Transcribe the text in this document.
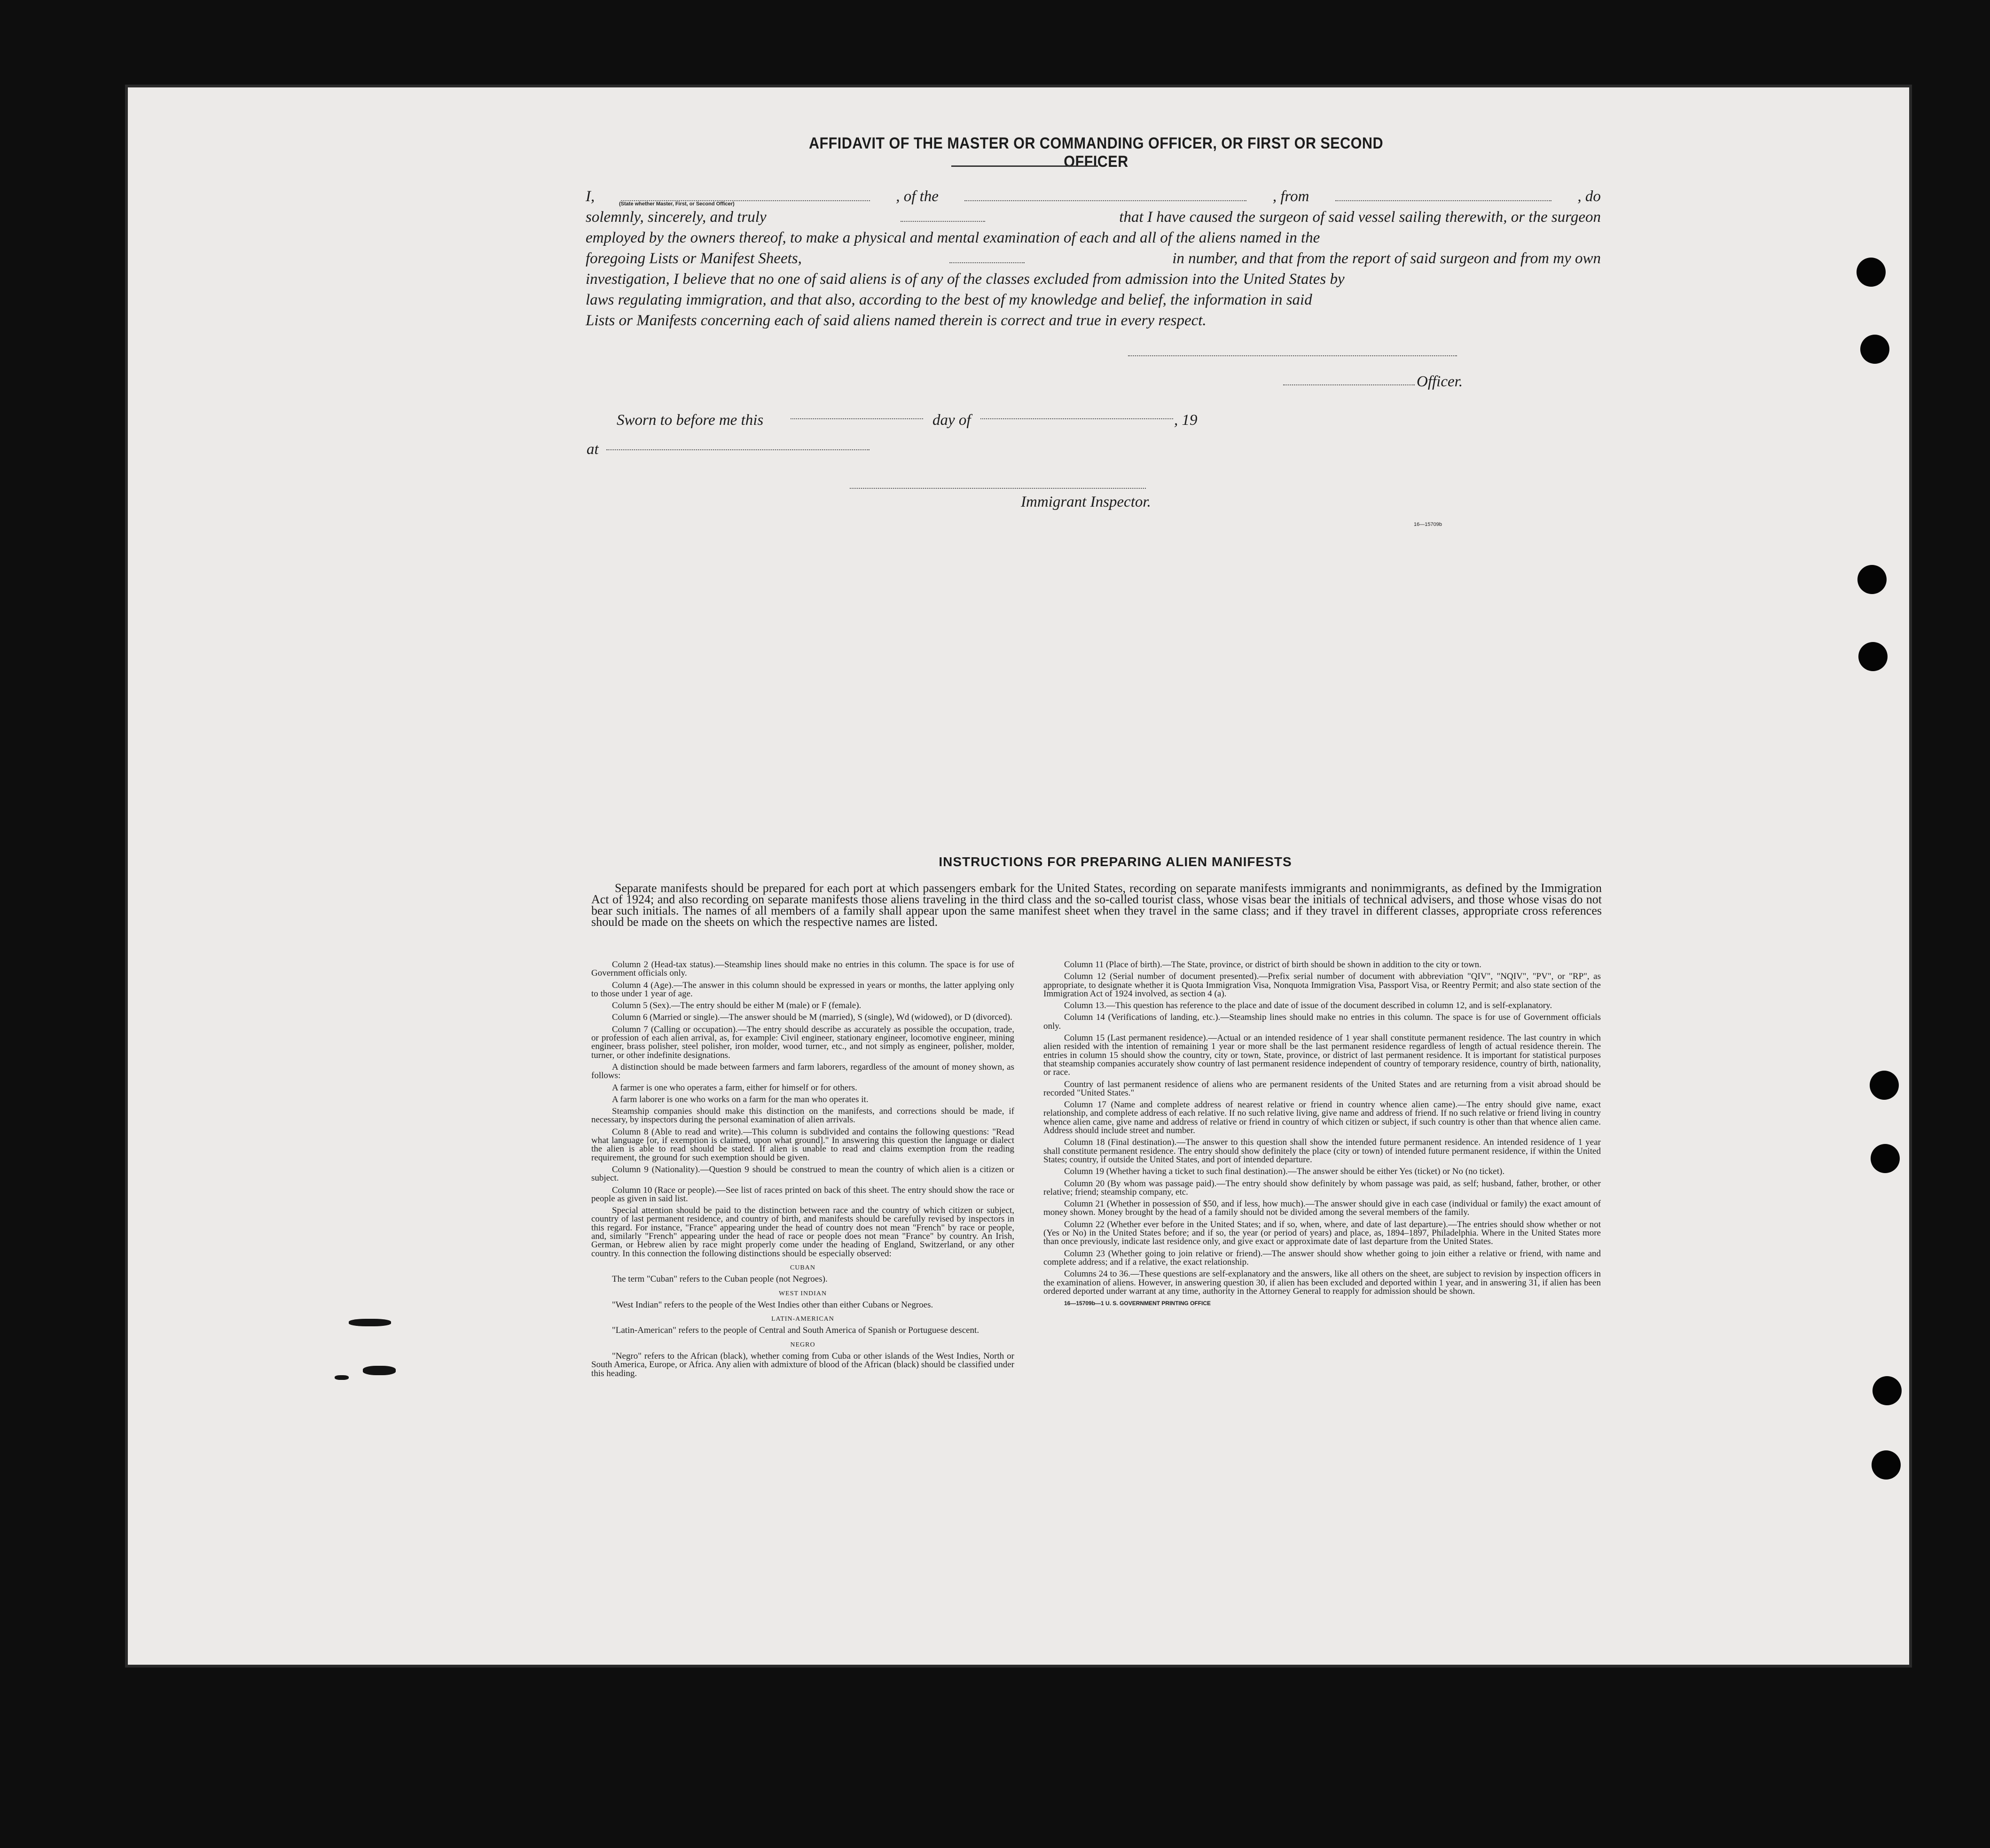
AFFIDAVIT OF THE MASTER OR COMMANDING OFFICER, OR FIRST OR SECOND OFFICER
I,	, of the	, from	, do
solemnly, sincerely, and truly	that I have caused the surgeon of said vessel sailing therewith, or the surgeon
employed by the owners thereof, to make a physical and mental examination of each and all of the aliens named in the
foregoing Lists or Manifest Sheets,	in number, and that from the report of said surgeon and from my own
investigation, I believe that no one of said aliens is of any of the classes excluded from admission into the United States by
laws regulating immigration, and that also, according to the best of my knowledge and belief, the information in said
Lists or Manifests concerning each of said aliens named therein is correct and true in every respect.
(State whether Master, First, or Second Officer)
Officer.
Sworn to before me this	day of	, 19
at
Immigrant Inspector.
16—15709b
INSTRUCTIONS FOR PREPARING ALIEN MANIFESTS
Separate manifests should be prepared for each port at which passengers embark for the United States, recording on separate manifests immigrants and nonimmigrants, as defined by the Immigration Act of 1924; and also recording on separate manifests those aliens traveling in the third class and the so-called tourist class, whose visas bear the initials of technical advisers, and those whose visas do not bear such initials. The names of all members of a family shall appear upon the same manifest sheet when they travel in the same class; and if they travel in different classes, appropriate cross references should be made on the sheets on which the respective names are listed.

Column 2 (Head-tax status).—Steamship lines should make no entries in this column. The space is for use of Government officials only.

Column 4 (Age).—The answer in this column should be expressed in years or months, the latter applying only to those under 1 year of age.

Column 5 (Sex).—The entry should be either M (male) or F (female).

Column 6 (Married or single).—The answer should be M (married), S (single), Wd (widowed), or D (divorced).

Column 7 (Calling or occupation).—The entry should describe as accurately as possible the occupation, trade, or profession of each alien arrival, as, for example: Civil engineer, stationary engineer, locomotive engineer, mining engineer, brass polisher, steel polisher, iron molder, wood turner, etc., and not simply as engineer, polisher, molder, turner, or other indefinite designations.

A distinction should be made between farmers and farm laborers, regardless of the amount of money shown, as follows:

A farmer is one who operates a farm, either for himself or for others.

A farm laborer is one who works on a farm for the man who operates it.

Steamship companies should make this distinction on the manifests, and corrections should be made, if necessary, by inspectors during the personal examination of alien arrivals.

Column 8 (Able to read and write).—This column is subdivided and contains the following questions: "Read what language [or, if exemption is claimed, upon what ground]." In answering this question the language or dialect the alien is able to read should be stated. If alien is unable to read and claims exemption from the reading requirement, the ground for such exemption should be given.

Column 9 (Nationality).—Question 9 should be construed to mean the country of which alien is a citizen or subject.

Column 10 (Race or people).—See list of races printed on back of this sheet. The entry should show the race or people as given in said list.

Special attention should be paid to the distinction between race and the country of which citizen or subject, country of last permanent residence, and country of birth, and manifests should be carefully revised by inspectors in this regard. For instance, "France" appearing under the head of country does not mean "French" by race or people, and, similarly "French" appearing under the head of race or people does not mean "France" by country. An Irish, German, or Hebrew alien by race might properly come under the heading of England, Switzerland, or any other country. In this connection the following distinctions should be especially observed:

CUBAN

The term "Cuban" refers to the Cuban people (not Negroes).

WEST INDIAN

"West Indian" refers to the people of the West Indies other than either Cubans or Negroes.

LATIN-AMERICAN

"Latin-American" refers to the people of Central and South America of Spanish or Portuguese descent.

NEGRO

"Negro" refers to the African (black), whether coming from Cuba or other islands of the West Indies, North or South America, Europe, or Africa. Any alien with admixture of blood of the African (black) should be classified under this heading.

Column 11 (Place of birth).—The State, province, or district of birth should be shown in addition to the city or town.

Column 12 (Serial number of document presented).—Prefix serial number of document with abbreviation "QIV", "NQIV", "PV", or "RP", as appropriate, to designate whether it is Quota Immigration Visa, Nonquota Immigration Visa, Passport Visa, or Reentry Permit; and also state section of the Immigration Act of 1924 involved, as section 4 (a).

Column 13.—This question has reference to the place and date of issue of the document described in column 12, and is self-explanatory.

Column 14 (Verifications of landing, etc.).—Steamship lines should make no entries in this column. The space is for use of Government officials only.

Column 15 (Last permanent residence).—Actual or an intended residence of 1 year shall constitute permanent residence. The last country in which alien resided with the intention of remaining 1 year or more shall be the last permanent residence regardless of length of actual residence therein. The entries in column 15 should show the country, city or town, State, province, or district of last permanent residence. It is important for statistical purposes that steamship companies accurately show country of last permanent residence independent of country of temporary residence, country of birth, nationality, or race.

Country of last permanent residence of aliens who are permanent residents of the United States and are returning from a visit abroad should be recorded "United States."

Column 17 (Name and complete address of nearest relative or friend in country whence alien came).—The entry should give name, exact relationship, and complete address of each relative. If no such relative living, give name and address of friend. If no such relative or friend living in country whence alien came, give name and address of relative or friend in country of which citizen or subject, if such country is other than that whence alien came. Address should include street and number.

Column 18 (Final destination).—The answer to this question shall show the intended future permanent residence. An intended residence of 1 year shall constitute permanent residence. The entry should show definitely the place (city or town) of intended future permanent residence, if within the United States; country, if outside the United States, and port of intended departure.

Column 19 (Whether having a ticket to such final destination).—The answer should be either Yes (ticket) or No (no ticket).

Column 20 (By whom was passage paid).—The entry should show definitely by whom passage was paid, as self; husband, father, brother, or other relative; friend; steamship company, etc.

Column 21 (Whether in possession of $50, and if less, how much).—The answer should give in each case (individual or family) the exact amount of money shown. Money brought by the head of a family should not be divided among the several members of the family.

Column 22 (Whether ever before in the United States; and if so, when, where, and date of last departure).—The entries should show whether or not (Yes or No) in the United States before; and if so, the year (or period of years) and place, as, 1894–1897, Philadelphia. Where in the United States more than once previously, indicate last residence only, and give exact or approximate date of last departure from the United States.

Column 23 (Whether going to join relative or friend).—The answer should show whether going to join either a relative or friend, with name and complete address; and if a relative, the exact relationship.

Columns 24 to 36.—These questions are self-explanatory and the answers, like all others on the sheet, are subject to revision by inspection officers in the examination of aliens. However, in answering question 30, if alien has been excluded and deported within 1 year, and in answering 31, if alien has been ordered deported under warrant at any time, authority in the Attorney General to reapply for admission should be shown.

16—15709b—1 U. S. GOVERNMENT PRINTING OFFICE
